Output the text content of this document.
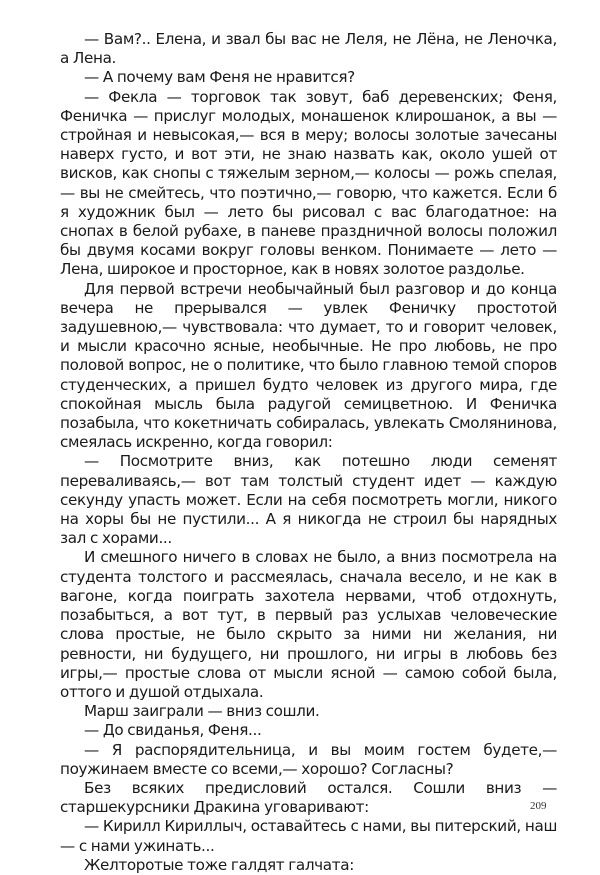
— Вам?.. Елена, и звал бы вас не Леля, не Лёна, не Леночка, а Лена.

— А почему вам Феня не нравится?

— Фекла — торговок так зовут, баб деревенских; Феня, Феничка — прислуг молодых, монашенок клирошанок, а вы — стройная и невысокая,— вся в меру; волосы золотые зачесаны наверх густо, и вот эти, не знаю назвать как, около ушей от висков, как снопы с тяжелым зерном,— колосы — рожь спелая,— вы не смейтесь, что поэтично,— говорю, что кажется. Если б я художник был — лето бы рисовал с вас благодатное: на снопах в белой рубахе, в паневе праздничной волосы положил бы двумя косами вокруг головы венком. Понимаете — лето — Лена, широкое и просторное, как в новях золотое раздолье.

Для первой встречи необычайный был разговор и до конца вечера не прерывался — увлек Феничку простотой задушевною,— чувствовала: что думает, то и говорит человек, и мысли красочно ясные, необычные. Не про любовь, не про половой вопрос, не о политике, что было главною темой споров студенческих, а пришел будто человек из другого мира, где спокойная мысль была радугой семицветною. И Феничка позабыла, что кокетничать собиралась, увлекать Смолянинова, смеялась искренно, когда говорил:

— Посмотрите вниз, как потешно люди семенят переваливаясь,— вот там толстый студент идет — каждую секунду упасть может. Если на себя посмотреть могли, никого на хоры бы не пустили... А я никогда не строил бы нарядных зал с хорами...

И смешного ничего в словах не было, а вниз посмотрела на студента толстого и рассмеялась, сначала весело, и не как в вагоне, когда поиграть захотела нервами, чтоб отдохнуть, позабыться, а вот тут, в первый раз услыхав человеческие слова простые, не было скрыто за ними ни желания, ни ревности, ни будущего, ни прошлого, ни игры в любовь без игры,— простые слова от мысли ясной — самою собой была, оттого и душой отдыхала.

Марш заиграли — вниз сошли.

— До свиданья, Феня...

— Я распорядительница, и вы моим гостем будете,— поужинаем вместе со всеми,— хорошо? Согласны?

Без всяких предисловий остался. Сошли вниз — старшекурсники Дракина уговаривают:

— Кирилл Кириллыч, оставайтесь с нами, вы питерский, наш — с нами ужинать...

Желторотые тоже галдят галчата:

209
